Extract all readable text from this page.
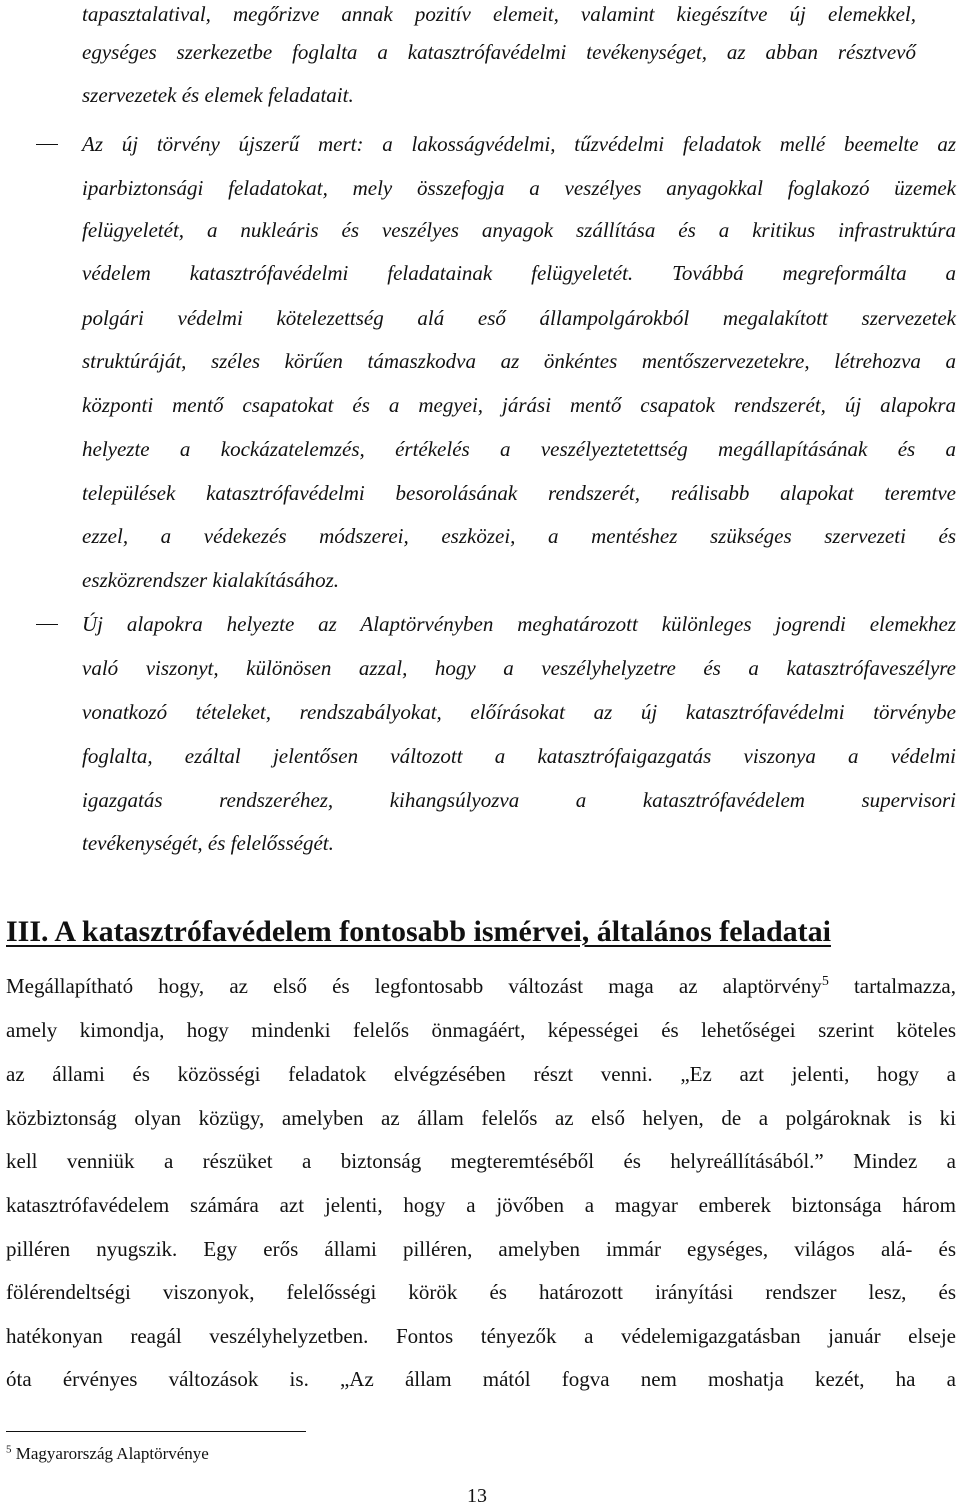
tapasztalatival, megőrizve annak pozitív elemeit, valamint kiegészítve új elemekkel,
egységes szerkezetbe foglalta a katasztrófavédelmi tevékenységet, az abban résztvevő
szervezetek és elemek feladatait.
Az új törvény újszerű mert: a lakosságvédelmi, tűzvédelmi feladatok mellé beemelte az
iparbiztonsági feladatokat, mely összefogja a veszélyes anyagokkal foglakozó üzemek
felügyeletét, a nukleáris és veszélyes anyagok szállítása és a kritikus infrastruktúra
védelem katasztrófavédelmi feladatainak felügyeletét. Továbbá megreformálta a
polgári védelmi kötelezettség alá eső állampolgárokból megalakított szervezetek
struktúráját, széles körűen támaszkodva az önkéntes mentőszervezetekre, létrehozva a
központi mentő csapatokat és a megyei, járási mentő csapatok rendszerét, új alapokra
helyezte a kockázatelemzés, értékelés a veszélyeztetettség megállapításának és a
települések katasztrófavédelmi besorolásának rendszerét, reálisabb alapokat teremtve
ezzel, a védekezés módszerei, eszközei, a mentéshez szükséges szervezeti és
eszközrendszer kialakításához.
Új alapokra helyezte az Alaptörvényben meghatározott különleges jogrendi elemekhez
való viszonyt, különösen azzal, hogy a veszélyhelyzetre és a katasztrófaveszélyre
vonatkozó tételeket, rendszabályokat, előírásokat az új katasztrófavédelmi törvénybe
foglalta, ezáltal jelentősen változott a katasztrófaigazgatás viszonya a védelmi
igazgatás rendszeréhez, kihangsúlyozva a katasztrófavédelem supervisori
tevékenységét, és felelősségét.
III. A katasztrófavédelem fontosabb ismérvei, általános feladatai
Megállapítható hogy, az első és legfontosabb változást maga az alaptörvény$^5$ tartalmazza,
amely kimondja, hogy mindenki felelős önmagáért, képességei és lehetőségei szerint köteles
az állami és közösségi feladatok elvégzésében részt venni. „Ez azt jelenti, hogy a
közbiztonság olyan közügy, amelyben az állam felelős az első helyen, de a polgároknak is ki
kell venniük a részüket a biztonság megteremtéséből és helyreállításából.” Mindez a
katasztrófavédelem számára azt jelenti, hogy a jövőben a magyar emberek biztonsága három
pilléren nyugszik. Egy erős állami pilléren, amelyben immár egységes, világos alá- és
fölérendeltségi viszonyok, felelősségi körök és határozott irányítási rendszer lesz, és
hatékonyan reagál veszélyhelyzetben. Fontos tényezők a védelemigazgatásban január elseje
óta érvényes változások is. „Az állam mától fogva nem moshatja kezét, ha a
$^5$ Magyarország Alaptörvénye
13
